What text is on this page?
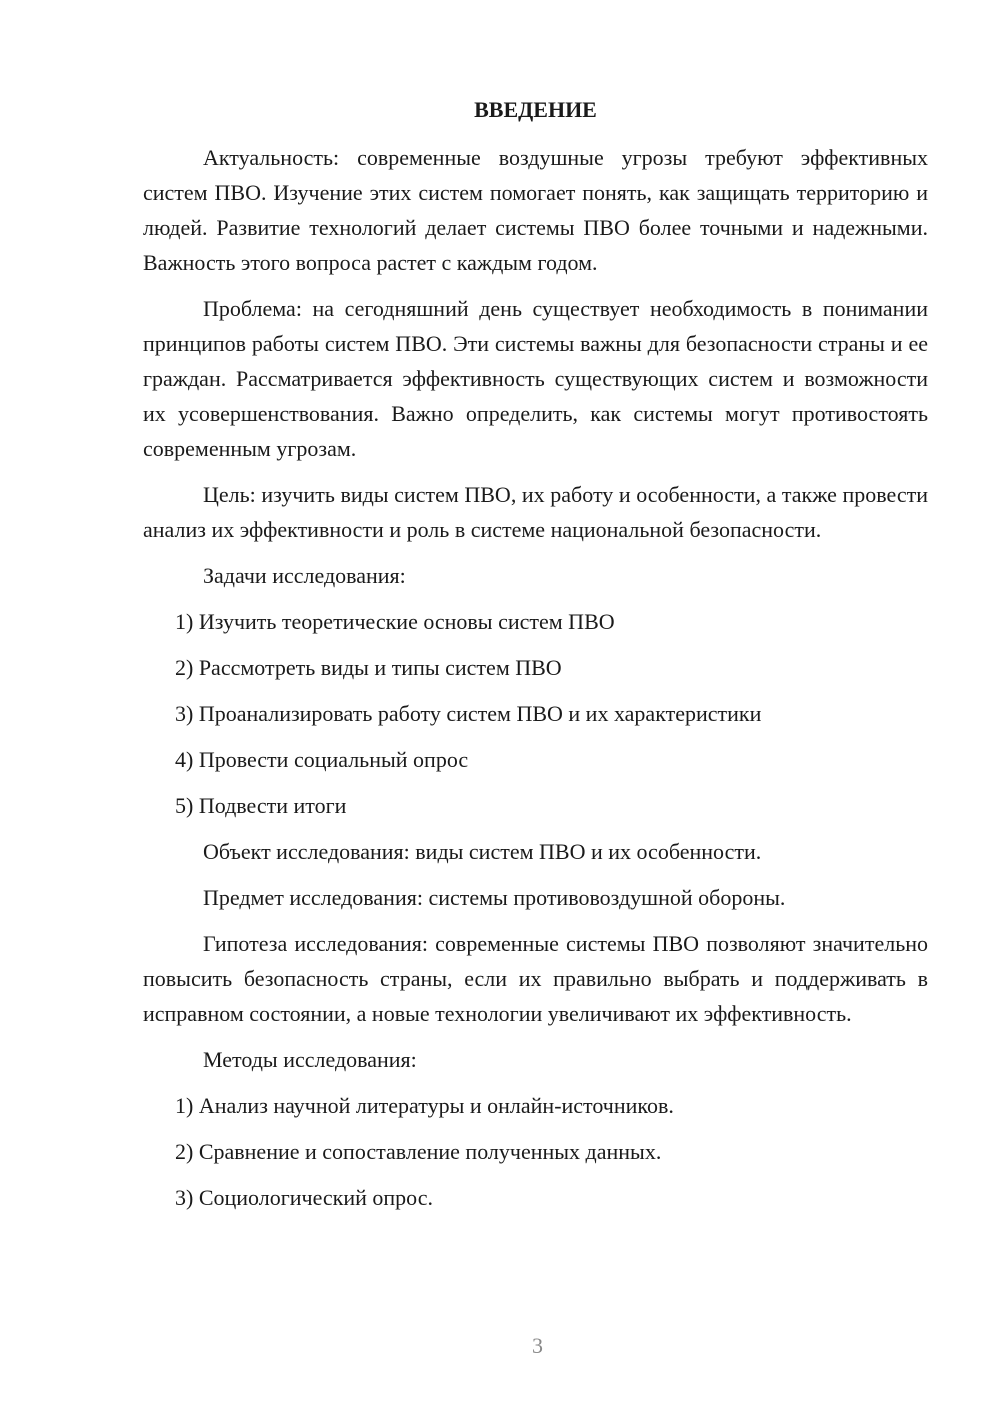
ВВЕДЕНИЕ

Актуальность: современные воздушные угрозы требуют эффективных систем ПВО. Изучение этих систем помогает понять, как защищать территорию и людей. Развитие технологий делает системы ПВО более точными и надежными. Важность этого вопроса растет с каждым годом.

Проблема: на сегодняшний день существует необходимость в понимании принципов работы систем ПВО. Эти системы важны для безопасности страны и ее граждан. Рассматривается эффективность существующих систем и возможности их усовершенствования. Важно определить, как системы могут противостоять современным угрозам.

Цель: изучить виды систем ПВО, их работу и особенности, а также провести анализ их эффективности и роль в системе национальной безопасности.

Задачи исследования:

1) Изучить теоретические основы систем ПВО
2) Рассмотреть виды и типы систем ПВО
3) Проанализировать работу систем ПВО и их характеристики
4) Провести социальный опрос
5) Подвести итоги

Объект исследования: виды систем ПВО и их особенности.

Предмет исследования: системы противовоздушной обороны.

Гипотеза исследования: современные системы ПВО позволяют значительно повысить безопасность страны, если их правильно выбрать и поддерживать в исправном состоянии, а новые технологии увеличивают их эффективность.

Методы исследования:

1) Анализ научной литературы и онлайн-источников.
2) Сравнение и сопоставление полученных данных.
3) Социологический опрос.
3
